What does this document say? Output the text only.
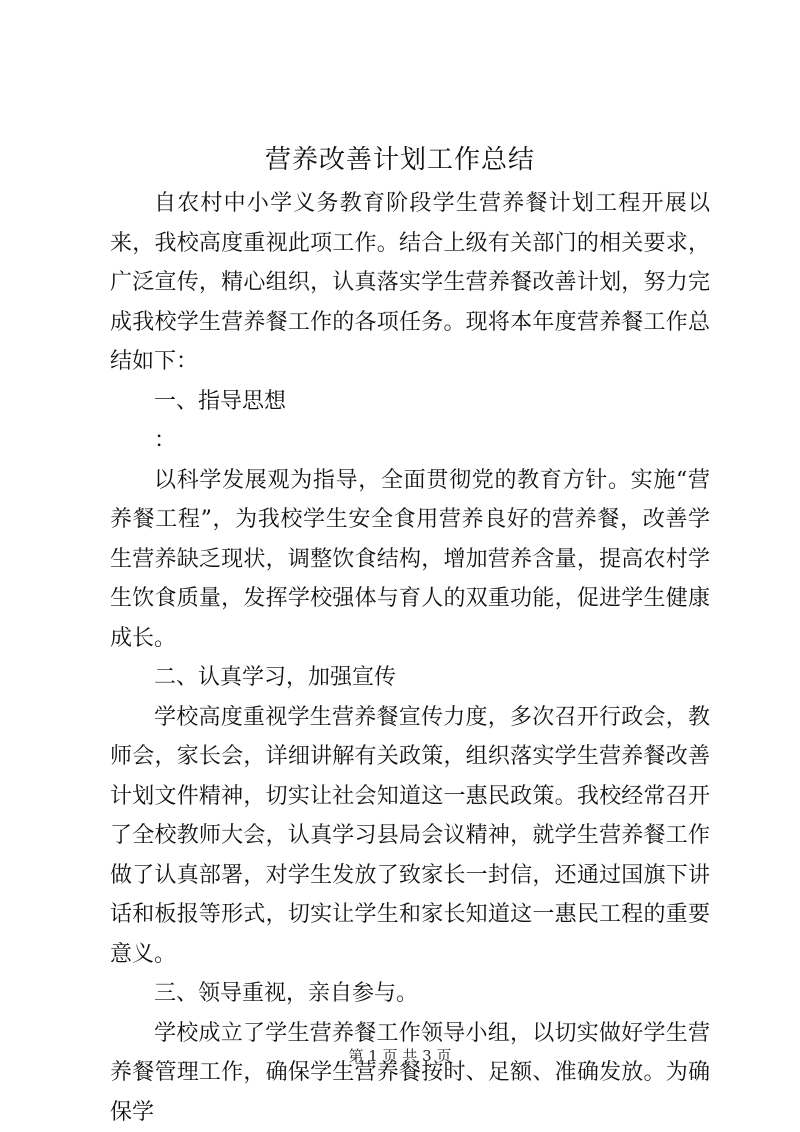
营养改善计划工作总结

自农村中小学义务教育阶段学生营养餐计划工程开展以来，我校高度重视此项工作。结合上级有关部门的相关要求，广泛宣传，精心组织，认真落实学生营养餐改善计划，努力完成我校学生营养餐工作的各项任务。现将本年度营养餐工作总结如下：

一、指导思想

：

以科学发展观为指导，全面贯彻党的教育方针。实施“营养餐工程”，为我校学生安全食用营养良好的营养餐，改善学生营养缺乏现状，调整饮食结构，增加营养含量，提高农村学生饮食质量，发挥学校强体与育人的双重功能，促进学生健康成长。

二、认真学习，加强宣传

学校高度重视学生营养餐宣传力度，多次召开行政会，教师会，家长会，详细讲解有关政策，组织落实学生营养餐改善计划文件精神，切实让社会知道这一惠民政策。我校经常召开了全校教师大会，认真学习县局会议精神，就学生营养餐工作做了认真部署，对学生发放了致家长一封信，还通过国旗下讲话和板报等形式，切实让学生和家长知道这一惠民工程的重要意义。

三、领导重视，亲自参与。

学校成立了学生营养餐工作领导小组，以切实做好学生营养餐管理工作，确保学生营养餐按时、足额、准确发放。为确保学

第 1 页 共 3 页
